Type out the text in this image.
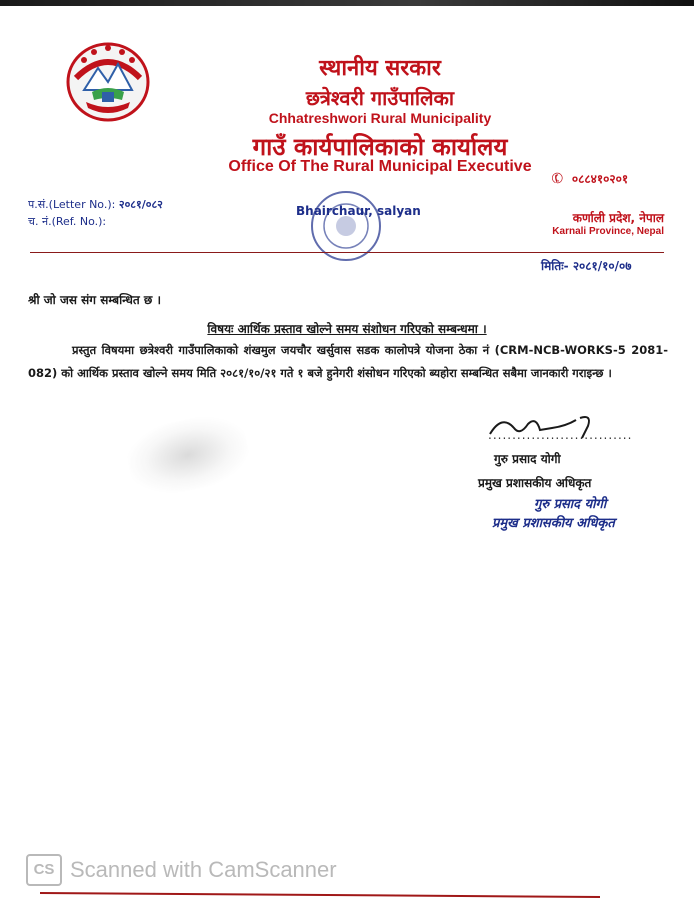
स्थानीय सरकार
छत्रेश्वरी गाउँपालिका
Chhatreshwori Rural Municipality
गाउँ कार्यपालिकाको कार्यालय
Office Of The Rural Municipal Executive
प.सं.(Letter No.): २०८१/०८२
च. नं.(Ref. No.):
✆ ०८८४१०२०१
Bhairchaur, salyan	कर्णाली प्रदेश, नेपाल
Karnali Province, Nepal
मितिः- २०८१/१०/०७
श्री जो जस संग सम्बन्धित छ ।
विषयः आर्थिक प्रस्ताव खोल्ने समय संशोधन गरिएको सम्बन्धमा ।
प्रस्तुत विषयमा छत्रेश्वरी गाउँपालिकाको शंखमुल जयचौर खर्सुवास सडक कालोपत्रे योजना ठेका नं (CRM-NCB-WORKS-5 2081-082) को आर्थिक प्रस्ताव खोल्ने समय मिति २०८१/१०/२१ गते १ बजे हुनेगरी शंसोधन गरिएको ब्यहोरा सम्बन्धित सबैमा जानकारी गराइन्छ ।
..............................
गुरु प्रसाद योगी
प्रमुख प्रशासकीय अधिकृत
गुरु प्रसाद योगी
प्रमुख प्रशासकीय अधिकृत
CS Scanned with CamScanner
